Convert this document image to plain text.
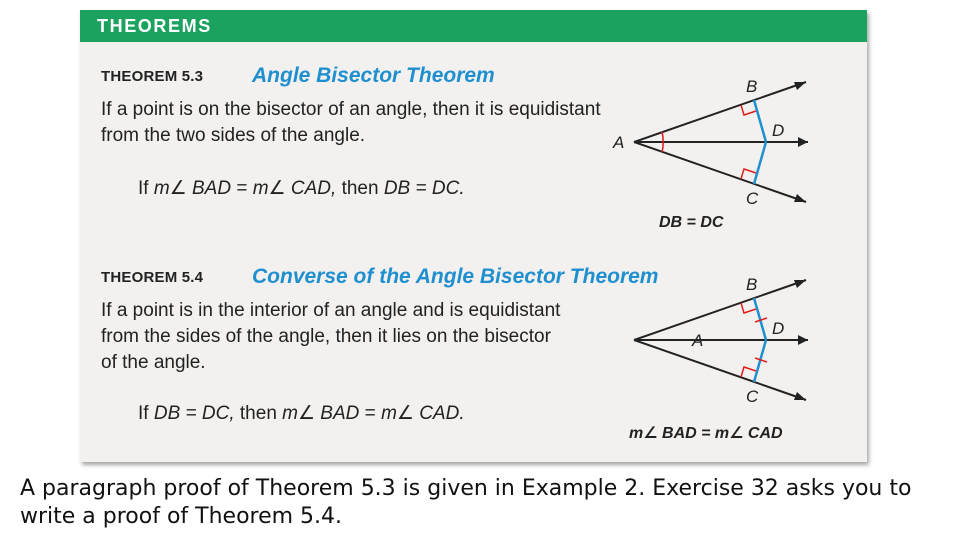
THEOREMS
THEOREM 5.3 Angle Bisector Theorem
If a point is on the bisector of an angle, then it is equidistant from the two sides of the angle.
If m∠ BAD = m∠ CAD, then DB = DC.
A
B
D
C
DB = DC
THEOREM 5.4 Converse of the Angle Bisector Theorem
If a point is in the interior of an angle and is equidistant from the sides of the angle, then it lies on the bisector of the angle.
If DB = DC, then m∠ BAD = m∠ CAD.
A
B
D
C
m∠ BAD = m∠ CAD
A paragraph proof of Theorem 5.3 is given in Example 2. Exercise 32 asks you to write a proof of Theorem 5.4.
